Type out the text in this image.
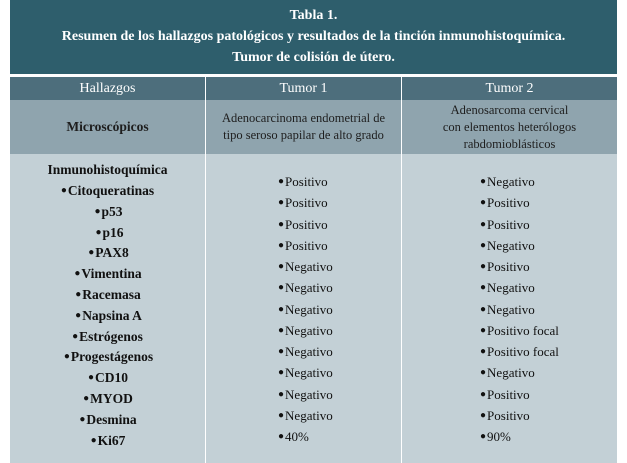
Tabla 1.
Resumen de los hallazgos patológicos y resultados de la tinción inmunohistoquímica.
Tumor de colisión de útero.
Hallazgos	Tumor 1	Tumor 2
Microscópicos
Adenocarcinoma endometrial de
tipo seroso papilar de alto grado
Adenosarcoma cervical
con elementos heterólogos
rabdomioblásticos
Inmunohistoquímica
●Citoqueratinas
●p53
●p16
●PAX8
●Vimentina
●Racemasa
●Napsina A
●Estrógenos
●Progestágenos
●CD10
●MYOD
●Desmina
●Ki67
●Positivo
●Positivo
●Positivo
●Positivo
●Negativo
●Negativo
●Negativo
●Negativo
●Negativo
●Negativo
●Negativo
●Negativo
●40%
●Negativo
●Positivo
●Positivo
●Negativo
●Positivo
●Negativo
●Negativo
●Positivo focal
●Positivo focal
●Negativo
●Positivo
●Positivo
●90%
